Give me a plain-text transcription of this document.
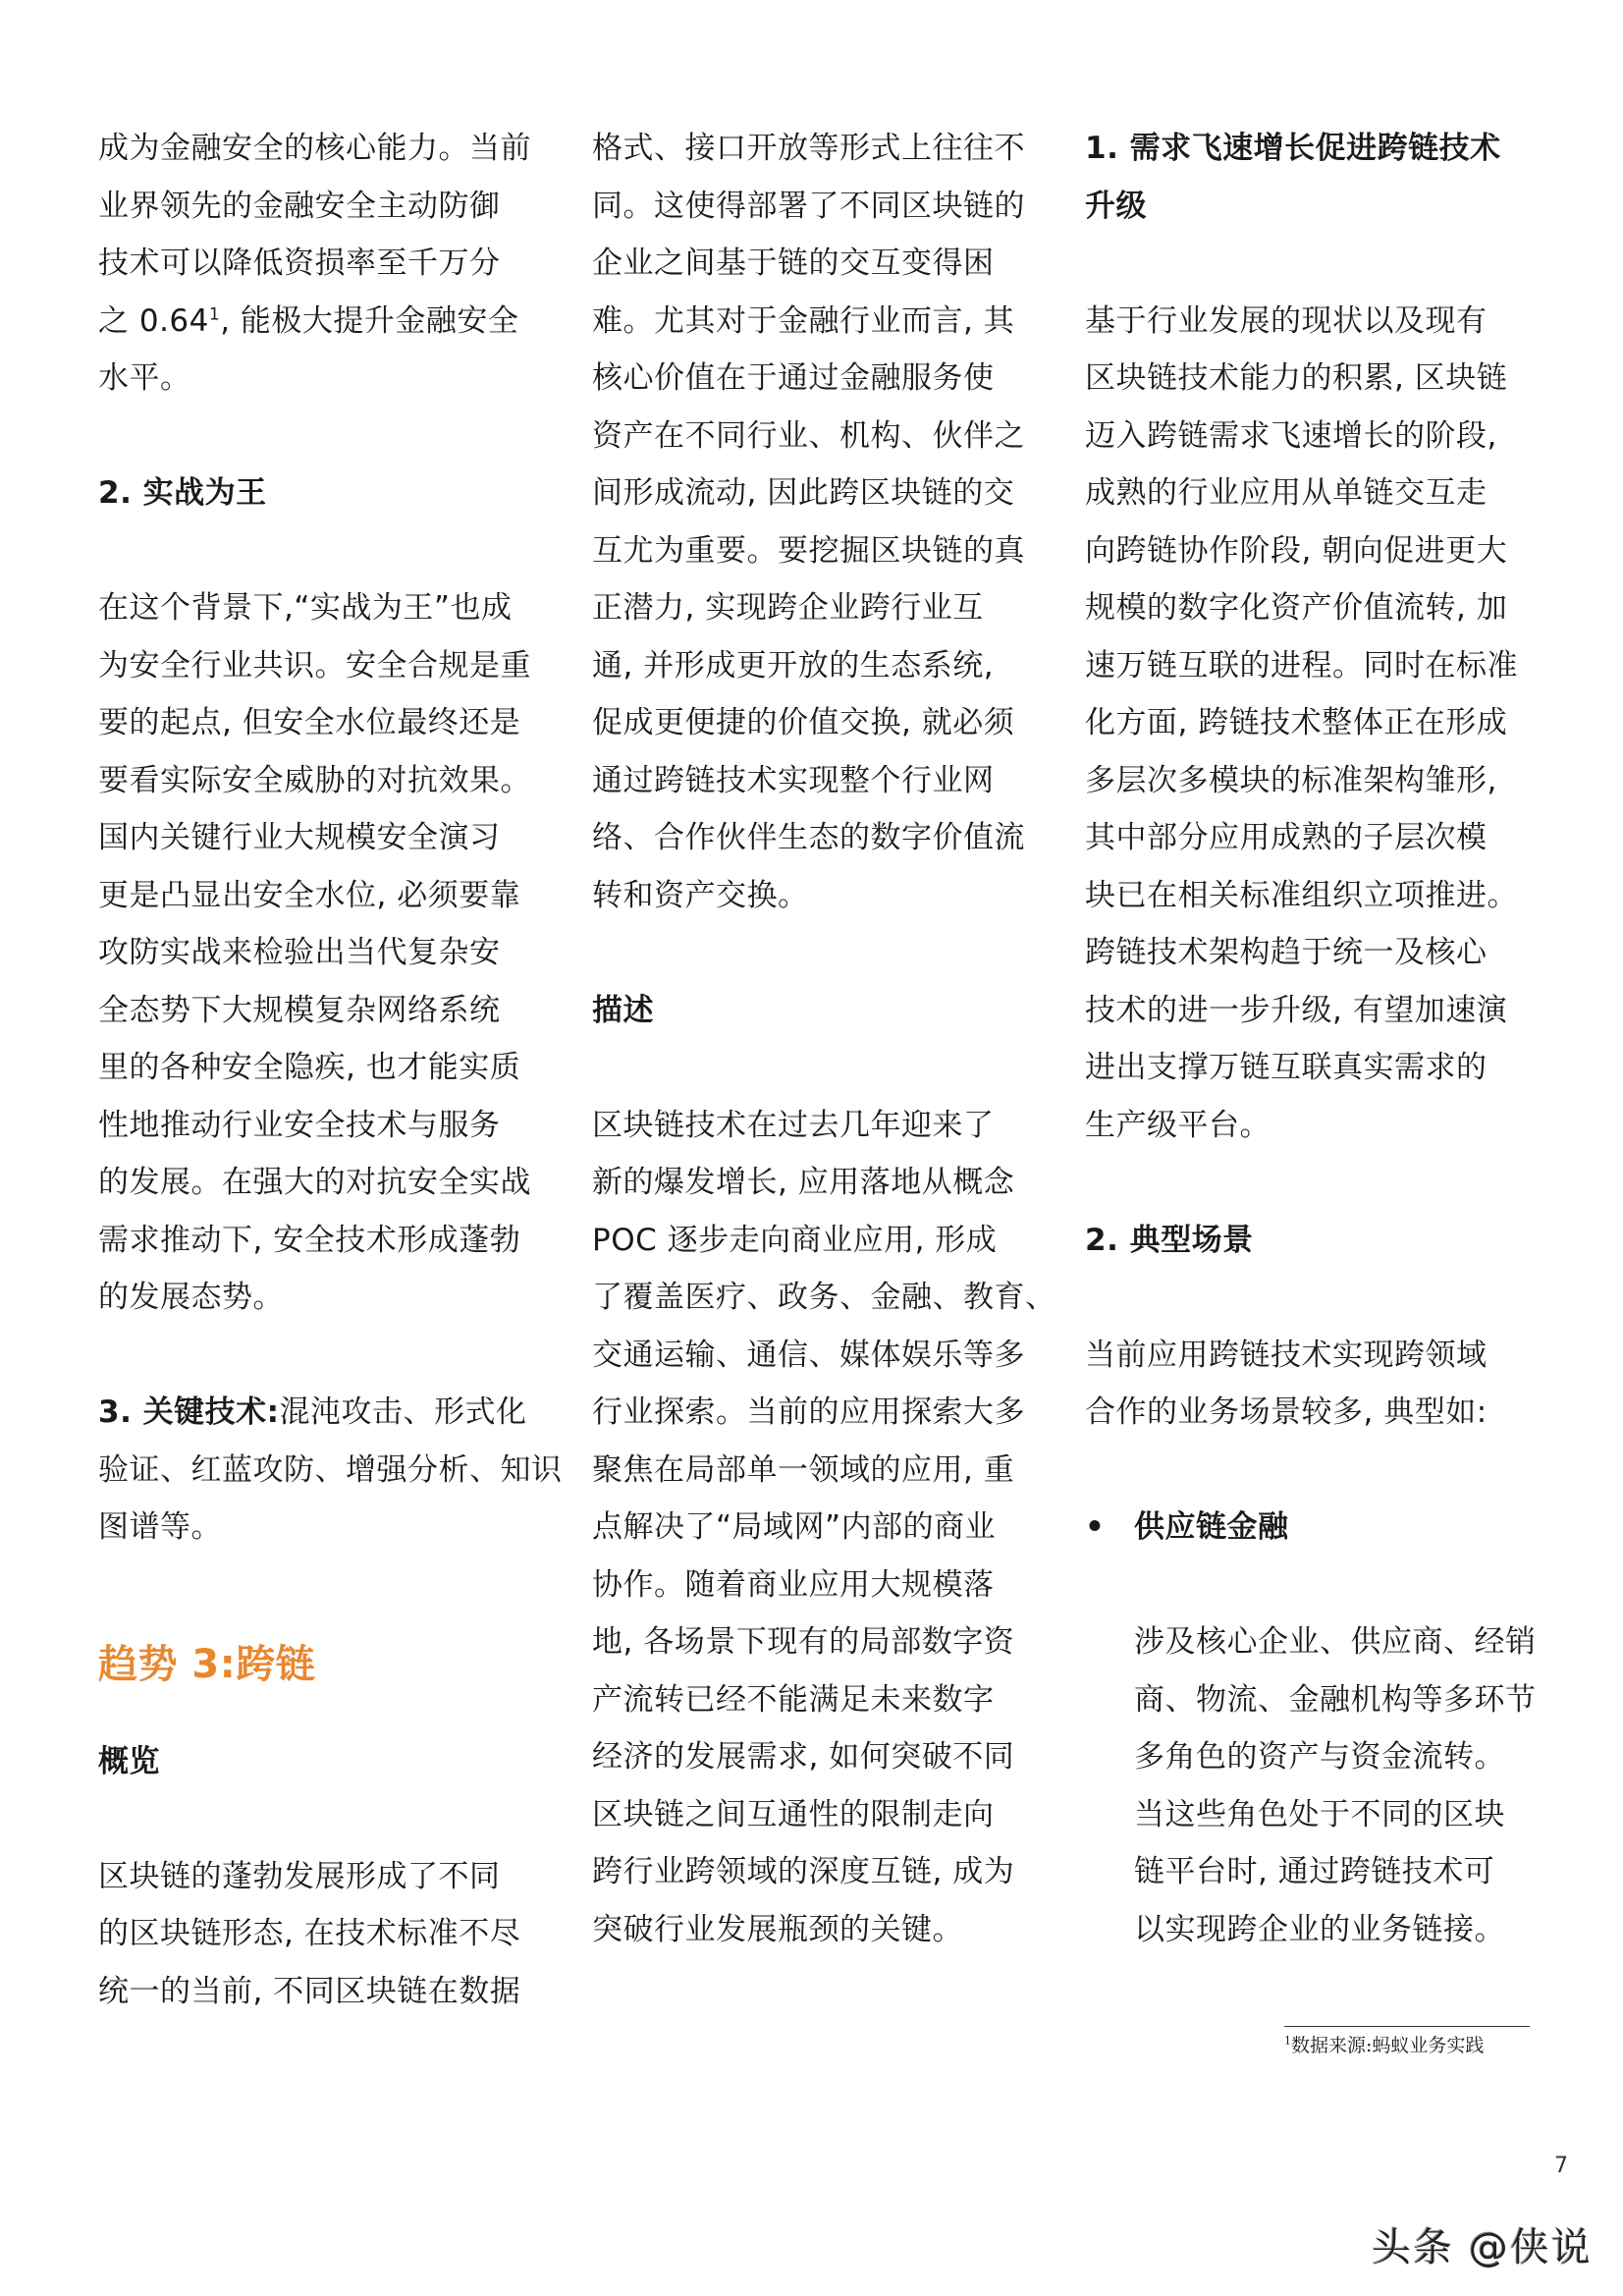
成为金融安全的核心能力。当前
业界领先的金融安全主动防御
技术可以降低资损率至千万分
之 0.64$^1$, 能极大提升金融安全
水平。

2. 实战为王

在这个背景下,“实战为王”也成
为安全行业共识。安全合规是重
要的起点, 但安全水位最终还是
要看实际安全威胁的对抗效果。
国内关键行业大规模安全演习
更是凸显出安全水位, 必须要靠
攻防实战来检验出当代复杂安
全态势下大规模复杂网络系统
里的各种安全隐疾, 也才能实质
性地推动行业安全技术与服务
的发展。在强大的对抗安全实战
需求推动下, 安全技术形成蓬勃
的发展态势。

3. 关键技术:混沌攻击、形式化
验证、红蓝攻防、增强分析、知识
图谱等。

趋势 3:跨链

概览

区块链的蓬勃发展形成了不同
的区块链形态, 在技术标准不尽
统一的当前, 不同区块链在数据

格式、接口开放等形式上往往不
同。这使得部署了不同区块链的
企业之间基于链的交互变得困
难。尤其对于金融行业而言, 其
核心价值在于通过金融服务使
资产在不同行业、机构、伙伴之
间形成流动, 因此跨区块链的交
互尤为重要。要挖掘区块链的真
正潜力, 实现跨企业跨行业互
通, 并形成更开放的生态系统,
促成更便捷的价值交换, 就必须
通过跨链技术实现整个行业网
络、合作伙伴生态的数字价值流
转和资产交换。

描述

区块链技术在过去几年迎来了
新的爆发增长, 应用落地从概念
POC 逐步走向商业应用, 形成
了覆盖医疗、政务、金融、教育、
交通运输、通信、媒体娱乐等多
行业探索。当前的应用探索大多
聚焦在局部单一领域的应用, 重
点解决了“局域网”内部的商业
协作。随着商业应用大规模落
地, 各场景下现有的局部数字资
产流转已经不能满足未来数字
经济的发展需求, 如何突破不同
区块链之间互通性的限制走向
跨行业跨领域的深度互链, 成为
突破行业发展瓶颈的关键。

1. 需求飞速增长促进跨链技术
升级

基于行业发展的现状以及现有
区块链技术能力的积累, 区块链
迈入跨链需求飞速增长的阶段,
成熟的行业应用从单链交互走
向跨链协作阶段, 朝向促进更大
规模的数字化资产价值流转, 加
速万链互联的进程。同时在标准
化方面, 跨链技术整体正在形成
多层次多模块的标准架构雏形,
其中部分应用成熟的子层次模
块已在相关标准组织立项推进。
跨链技术架构趋于统一及核心
技术的进一步升级, 有望加速演
进出支撑万链互联真实需求的
生产级平台。

2. 典型场景

当前应用跨链技术实现跨领域
合作的业务场景较多, 典型如:

• 供应链金融

涉及核心企业、供应商、经销
商、物流、金融机构等多环节
多角色的资产与资金流转。
当这些角色处于不同的区块
链平台时, 通过跨链技术可
以实现跨企业的业务链接。

$^1$数据来源:蚂蚁业务实践
7
头条 @侠说
